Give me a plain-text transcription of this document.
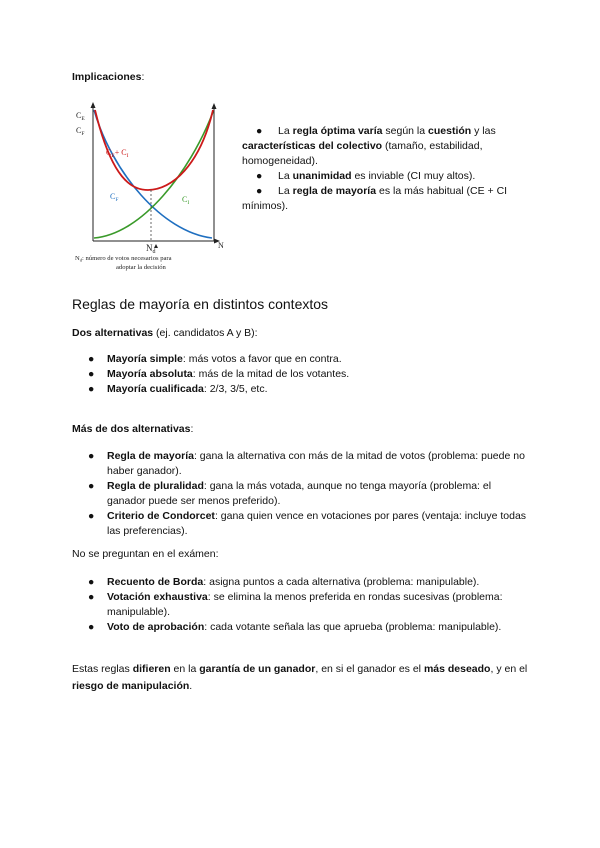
Implicaciones:

$C_E$
$C_F$
$C_E+ C_I$
$C_F$	$C_I$
$N_d$
N
$N_d$: número de votos necesarios para
adoptar la decisión
●	La regla óptima varía según la cuestión y las características del colectivo (tamaño, estabilidad, homogeneidad).

●	La unanimidad es inviable (CI muy altos).

●	La regla de mayoría es la más habitual (CE + CI mínimos).

Reglas de mayoría en distintos contextos

Dos alternativas (ej. candidatos A y B):

● Mayoría simple: más votos a favor que en contra.
● Mayoría absoluta: más de la mitad de los votantes.
● Mayoría cualificada: 2/3, 3/5, etc.

Más de dos alternativas:

● Regla de mayoría: gana la alternativa con más de la mitad de votos (problema: puede no haber ganador).
● Regla de pluralidad: gana la más votada, aunque no tenga mayoría (problema: el ganador puede ser menos preferido).
● Criterio de Condorcet: gana quien vence en votaciones por pares (ventaja: incluye todas las preferencias).

No se preguntan en el exámen:

● Recuento de Borda: asigna puntos a cada alternativa (problema: manipulable).
● Votación exhaustiva: se elimina la menos preferida en rondas sucesivas (problema: manipulable).
● Voto de aprobación: cada votante señala las que aprueba (problema: manipulable).

Estas reglas difieren en la garantía de un ganador, en si el ganador es el más deseado, y en el riesgo de manipulación.
